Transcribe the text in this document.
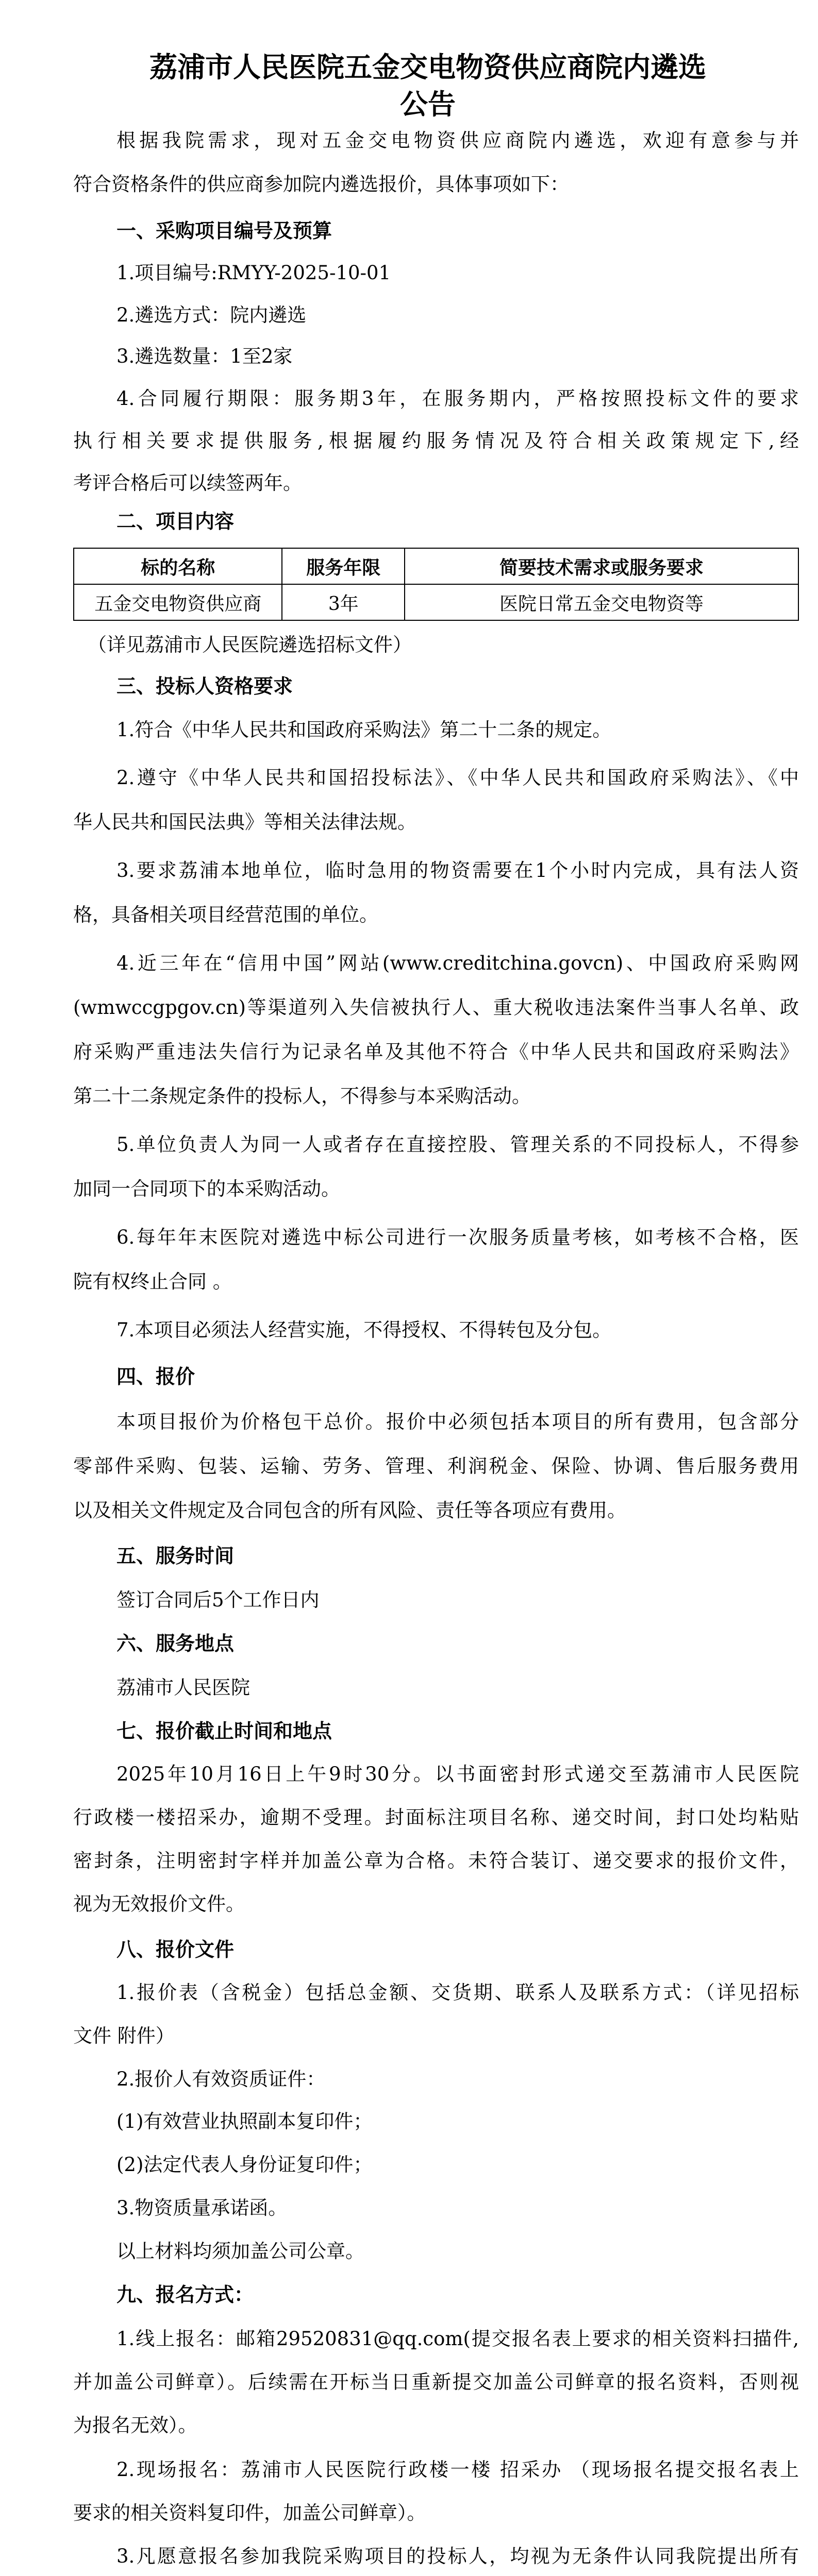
荔浦市人民医院五金交电物资供应商院内遴选
公告
根据我院需求，现对五金交电物资供应商院内遴选，欢迎有意参与并
符合资格条件的供应商参加院内遴选报价，具体事项如下：
一、采购项目编号及预算
1.项目编号:RMYY-2025-10-01
2.遴选方式：院内遴选
3.遴选数量：1至2家
4.合同履行期限：服务期3年，在服务期内，严格按照投标文件的要求
执行相关要求提供服务,根据履约服务情况及符合相关政策规定下,经
考评合格后可以续签两年。
二、项目内容
标的名称	服务年限	简要技术需求或服务要求
五金交电物资供应商	3年	医院日常五金交电物资等
（详见荔浦市人民医院遴选招标文件）
三、投标人资格要求
1.符合《中华人民共和国政府采购法》第二十二条的规定。
2.遵守《中华人民共和国招投标法》、《中华人民共和国政府采购法》、《中
华人民共和国民法典》等相关法律法规。
3.要求荔浦本地单位，临时急用的物资需要在1个小时内完成，具有法人资
格，具备相关项目经营范围的单位。
4.近三年在“信用中国”网站(www.creditchina.govcn)、中国政府采购网
(wmwccgpgov.cn)等渠道列入失信被执行人、重大税收违法案件当事人名单、政
府采购严重违法失信行为记录名单及其他不符合《中华人民共和国政府采购法》
第二十二条规定条件的投标人，不得参与本采购活动。
5.单位负责人为同一人或者存在直接控股、管理关系的不同投标人，不得参
加同一合同项下的本采购活动。
6.每年年末医院对遴选中标公司进行一次服务质量考核，如考核不合格，医
院有权终止合同 。
7.本项目必须法人经营实施，不得授权、不得转包及分包。
四、报价
本项目报价为价格包干总价。报价中必须包括本项目的所有费用，包含部分
零部件采购、包装、运输、劳务、管理、利润税金、保险、协调、售后服务费用
以及相关文件规定及合同包含的所有风险、责任等各项应有费用。
五、服务时间
签订合同后5个工作日内
六、服务地点
荔浦市人民医院
七、报价截止时间和地点
2025年10月16日上午9时30分。以书面密封形式递交至荔浦市人民医院
行政楼一楼招采办，逾期不受理。封面标注项目名称、递交时间，封口处均粘贴
密封条，注明密封字样并加盖公章为合格。未符合装订、递交要求的报价文件，
视为无效报价文件。
八、报价文件
1.报价表（含税金）包括总金额、交货期、联系人及联系方式：（详见招标
文件 附件）
2.报价人有效资质证件：
(1)有效营业执照副本复印件；
(2)法定代表人身份证复印件；
3.物资质量承诺函。
以上材料均须加盖公司公章。
九、报名方式：
1.线上报名：邮箱29520831@qq.com(提交报名表上要求的相关资料扫描件,
并加盖公司鲜章）。后续需在开标当日重新提交加盖公司鲜章的报名资料，否则视
为报名无效）。
2.现场报名：荔浦市人民医院行政楼一楼 招采办 （现场报名提交报名表上
要求的相关资料复印件，加盖公司鲜章）。
3.凡愿意报名参加我院采购项目的投标人，均视为无条件认同我院提出所有
